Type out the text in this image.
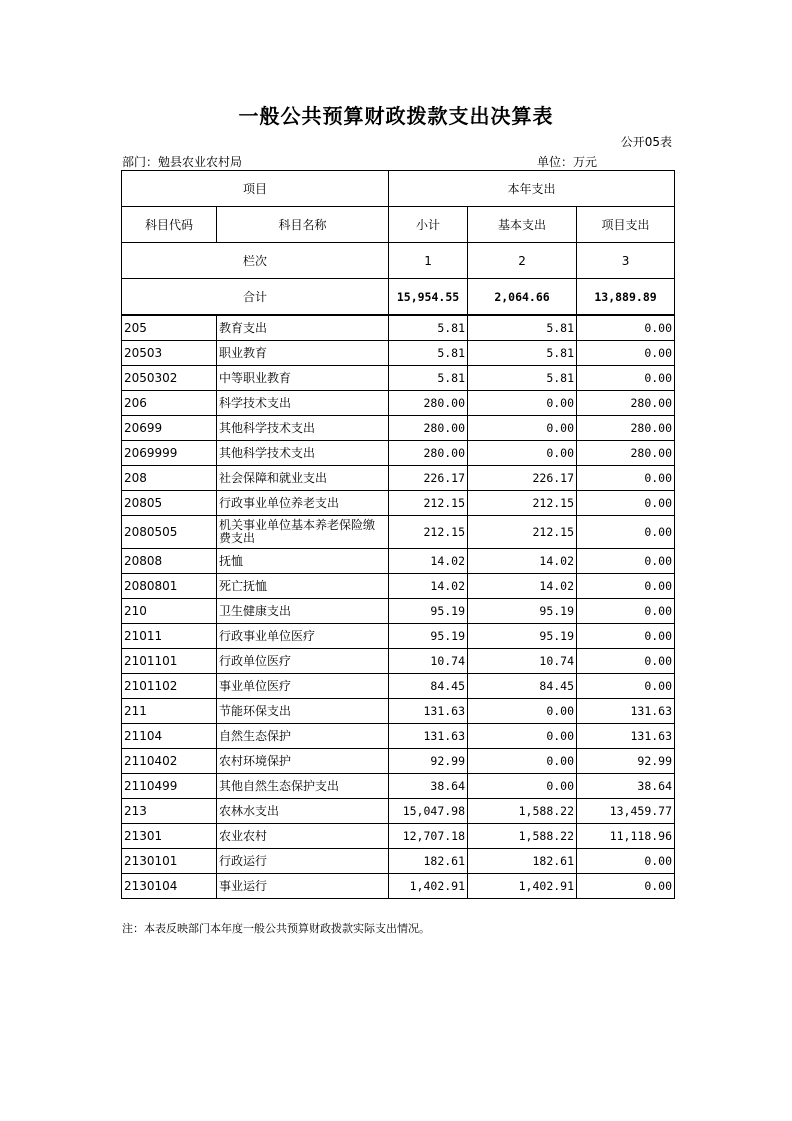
一般公共预算财政拨款支出决算表
公开05表
部门：勉县农业农村局	单位：万元
项目		本年支出		
科目代码	科目名称	小计	基本支出	项目支出
栏次		1	2	3
合计		15,954.55	2,064.66	13,889.89
205	教育支出	5.81	5.81	0.00
20503	职业教育	5.81	5.81	0.00
2050302	中等职业教育	5.81	5.81	0.00
206	科学技术支出	280.00	0.00	280.00
20699	其他科学技术支出	280.00	0.00	280.00
2069999	其他科学技术支出	280.00	0.00	280.00
208	社会保障和就业支出	226.17	226.17	0.00
20805	行政事业单位养老支出	212.15	212.15	0.00
2080505	机关事业单位基本养老保险缴费支出	212.15	212.15	0.00
20808	抚恤	14.02	14.02	0.00
2080801	死亡抚恤	14.02	14.02	0.00
210	卫生健康支出	95.19	95.19	0.00
21011	行政事业单位医疗	95.19	95.19	0.00
2101101	行政单位医疗	10.74	10.74	0.00
2101102	事业单位医疗	84.45	84.45	0.00
211	节能环保支出	131.63	0.00	131.63
21104	自然生态保护	131.63	0.00	131.63
2110402	农村环境保护	92.99	0.00	92.99
2110499	其他自然生态保护支出	38.64	0.00	38.64
213	农林水支出	15,047.98	1,588.22	13,459.77
21301	农业农村	12,707.18	1,588.22	11,118.96
2130101	行政运行	182.61	182.61	0.00
2130104	事业运行	1,402.91	1,402.91	0.00
注：本表反映部门本年度一般公共预算财政拨款实际支出情况。
